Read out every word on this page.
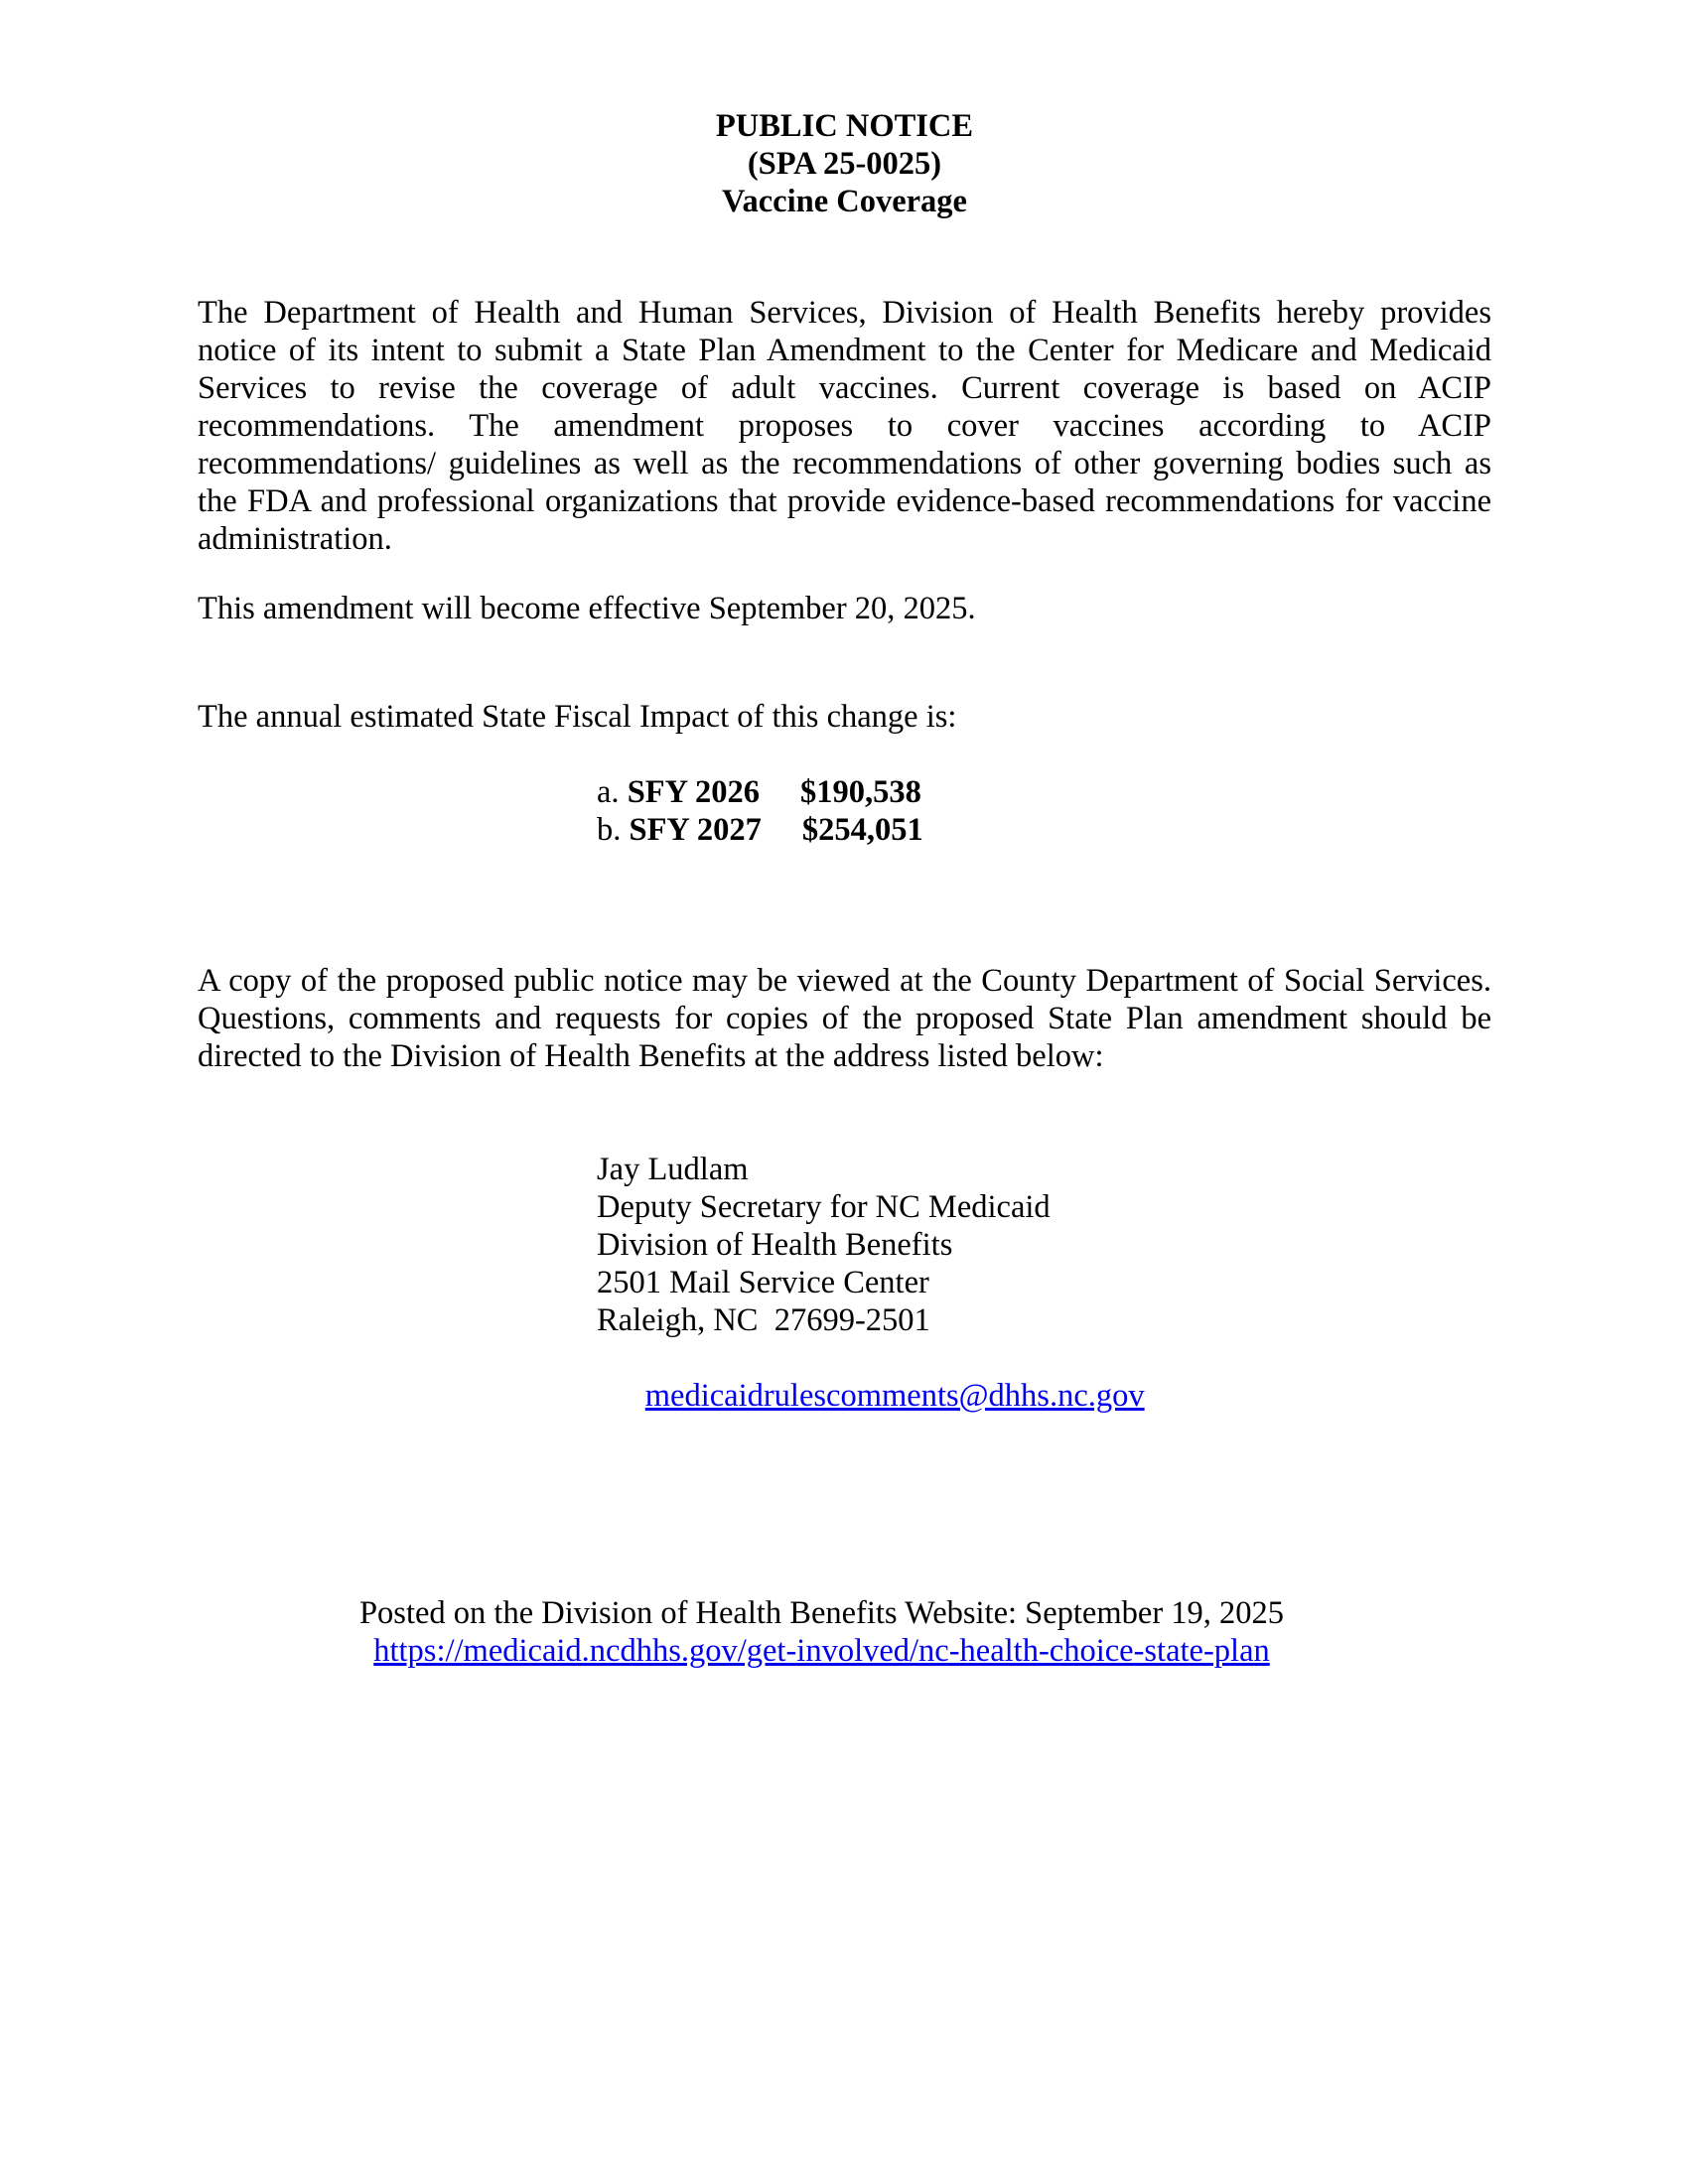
PUBLIC NOTICE
(SPA 25-0025)
Vaccine Coverage
The Department of Health and Human Services, Division of Health Benefits hereby provides
notice of its intent to submit a State Plan Amendment to the Center for Medicare and Medicaid
Services to revise the coverage of adult vaccines. Current coverage is based on ACIP
recommendations. The amendment proposes to cover vaccines according to ACIP
recommendations/ guidelines as well as the recommendations of other governing bodies such as
the FDA and professional organizations that provide evidence-based recommendations for vaccine
administration.
This amendment will become effective September 20, 2025.
The annual estimated State Fiscal Impact of this change is:
a. SFY 2026 $190,538
b. SFY 2027 $254,051
A copy of the proposed public notice may be viewed at the County Department of Social Services.
Questions, comments and requests for copies of the proposed State Plan amendment should be
directed to the Division of Health Benefits at the address listed below:
Jay Ludlam
Deputy Secretary for NC Medicaid
Division of Health Benefits
2501 Mail Service Center
Raleigh, NC  27699-2501

medicaidrulescomments@dhhs.nc.gov

Posted on the Division of Health Benefits Website: September 19, 2025
https://medicaid.ncdhhs.gov/get-involved/nc-health-choice-state-plan
